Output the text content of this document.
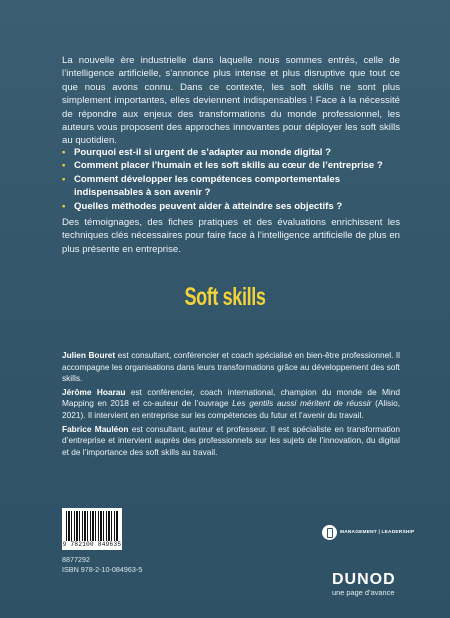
La nouvelle ère industrielle dans laquelle nous sommes entrés, celle de l’intelligence artificielle, s’annonce plus intense et plus disruptive que tout ce que nous avons connu. Dans ce contexte, les soft skills ne sont plus simplement importantes, elles deviennent indispensables ! Face à la nécessité de répondre aux enjeux des transformations du monde professionnel, les auteurs vous proposent des approches innovantes pour déployer les soft skills au quotidien.

• Pourquoi est-il si urgent de s’adapter au monde digital ?
• Comment placer l’humain et les soft skills au cœur de l’entreprise ?
• Comment développer les compétences comportementales indispensables à son avenir ?
• Quelles méthodes peuvent aider à atteindre ses objectifs ?

Des témoignages, des fiches pratiques et des évaluations enrichissent les techniques clés nécessaires pour faire face à l’intelligence artificielle de plus en plus présente en entreprise.

Soft skills

Julien Bouret est consultant, conférencier et coach spécialisé en bien-être professionnel. Il accompagne les organisations dans leurs transformations grâce au développement des soft skills.

Jérôme Hoarau est conférencier, coach international, champion du monde de Mind Mapping en 2018 et co-auteur de l’ouvrage Les gentils aussi méritent de réussir (Alisio, 2021). Il intervient en entreprise sur les compétences du futur et l’avenir du travail.

Fabrice Mauléon est consultant, auteur et professeur. Il est spécialiste en transformation d’entreprise et intervient auprès des professionnels sur les sujets de l’innovation, du digital et de l’importance des soft skills au travail.

9 782100 849635
8877292
ISBN 978-2-10-084963-5
MANAGEMENT | LEADERSHIP
DUNOD
une page d’avance
